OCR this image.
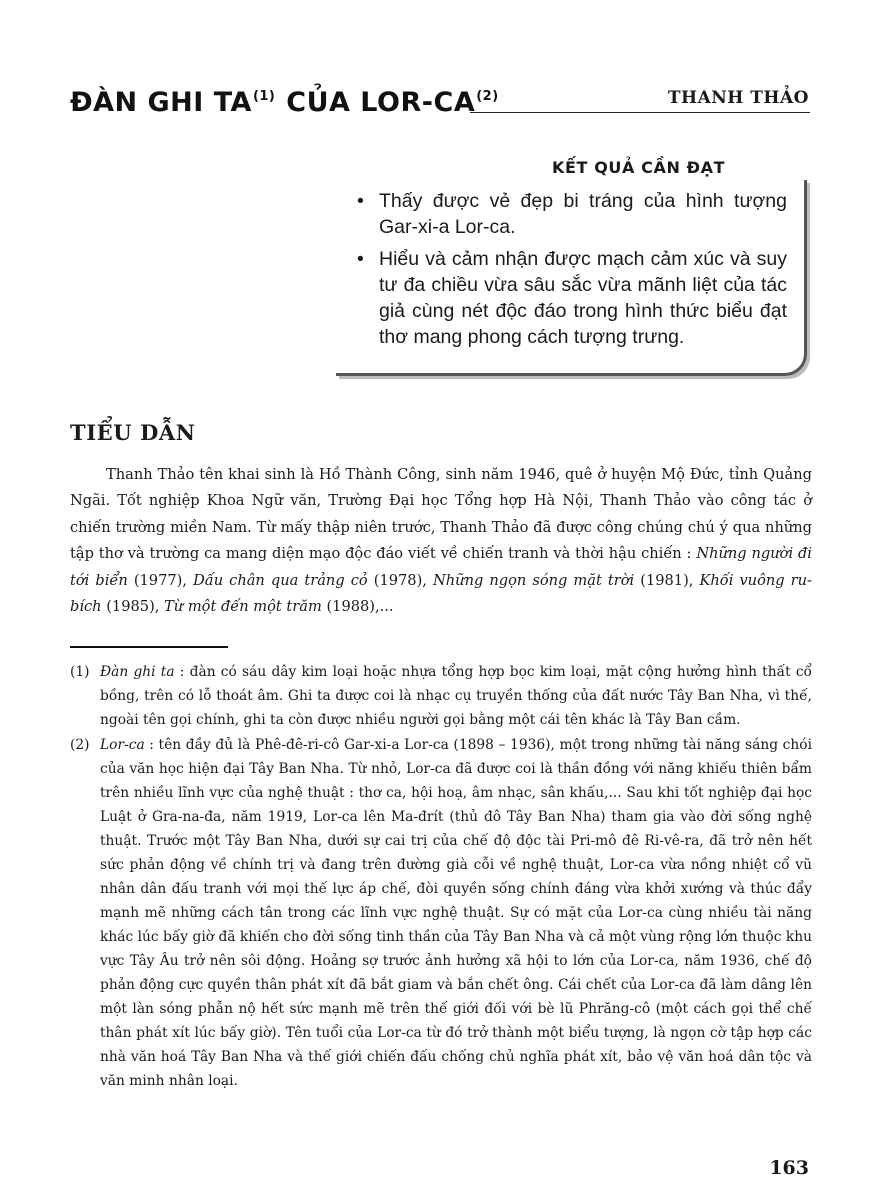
ĐÀN GHI TA$^{(1)}$ CỦA LOR-CA$^{(2)}$	THANH THẢO
KẾT QUẢ CẦN ĐẠT
• Thấy được vẻ đẹp bi tráng của hình tượng Gar-xi-a Lor-ca.
• Hiểu và cảm nhận được mạch cảm xúc và suy tư đa chiều vừa sâu sắc vừa mãnh liệt của tác giả cùng nét độc đáo trong hình thức biểu đạt thơ mang phong cách tượng trưng.
TIỂU DẪN

Thanh Thảo tên khai sinh là Hồ Thành Công, sinh năm 1946, quê ở huyện Mộ Đức, tỉnh Quảng Ngãi. Tốt nghiệp Khoa Ngữ văn, Trường Đại học Tổng hợp Hà Nội, Thanh Thảo vào công tác ở chiến trường miền Nam. Từ mấy thập niên trước, Thanh Thảo đã được công chúng chú ý qua những tập thơ và trường ca mang diện mạo độc đáo viết về chiến tranh và thời hậu chiến : Những người đi tới biển (1977), Dấu chân qua trảng cỏ (1978), Những ngọn sóng mặt trời (1981), Khối vuông ru-bích (1985), Từ một đến một trăm (1988),...

(1) Đàn ghi ta : đàn có sáu dây kim loại hoặc nhựa tổng hợp bọc kim loại, mặt cộng hưởng hình thất cổ bồng, trên có lỗ thoát âm. Ghi ta được coi là nhạc cụ truyền thống của đất nước Tây Ban Nha, vì thế, ngoài tên gọi chính, ghi ta còn được nhiều người gọi bằng một cái tên khác là Tây Ban cầm.

(2) Lor-ca : tên đầy đủ là Phê-đê-ri-cô Gar-xi-a Lor-ca (1898 – 1936), một trong những tài năng sáng chói của văn học hiện đại Tây Ban Nha. Từ nhỏ, Lor-ca đã được coi là thần đồng với năng khiếu thiên bẩm trên nhiều lĩnh vực của nghệ thuật : thơ ca, hội hoạ, âm nhạc, sân khấu,... Sau khi tốt nghiệp đại học Luật ở Gra-na-đa, năm 1919, Lor-ca lên Ma-đrít (thủ đô Tây Ban Nha) tham gia vào đời sống nghệ thuật. Trước một Tây Ban Nha, dưới sự cai trị của chế độ độc tài Pri-mô đê Ri-vê-ra, đã trở nên hết sức phản động về chính trị và đang trên đường già cỗi về nghệ thuật, Lor-ca vừa nồng nhiệt cổ vũ nhân dân đấu tranh với mọi thế lực áp chế, đòi quyền sống chính đáng vừa khởi xướng và thúc đẩy mạnh mẽ những cách tân trong các lĩnh vực nghệ thuật. Sự có mặt của Lor-ca cùng nhiều tài năng khác lúc bấy giờ đã khiến cho đời sống tinh thần của Tây Ban Nha và cả một vùng rộng lớn thuộc khu vực Tây Âu trở nên sôi động. Hoảng sợ trước ảnh hưởng xã hội to lớn của Lor-ca, năm 1936, chế độ phản động cực quyền thân phát xít đã bắt giam và bắn chết ông. Cái chết của Lor-ca đã làm dâng lên một làn sóng phẫn nộ hết sức mạnh mẽ trên thế giới đối với bè lũ Phrăng-cô (một cách gọi thể chế thân phát xít lúc bấy giờ). Tên tuổi của Lor-ca từ đó trở thành một biểu tượng, là ngọn cờ tập hợp các nhà văn hoá Tây Ban Nha và thế giới chiến đấu chống chủ nghĩa phát xít, bảo vệ văn hoá dân tộc và văn minh nhân loại.

163
